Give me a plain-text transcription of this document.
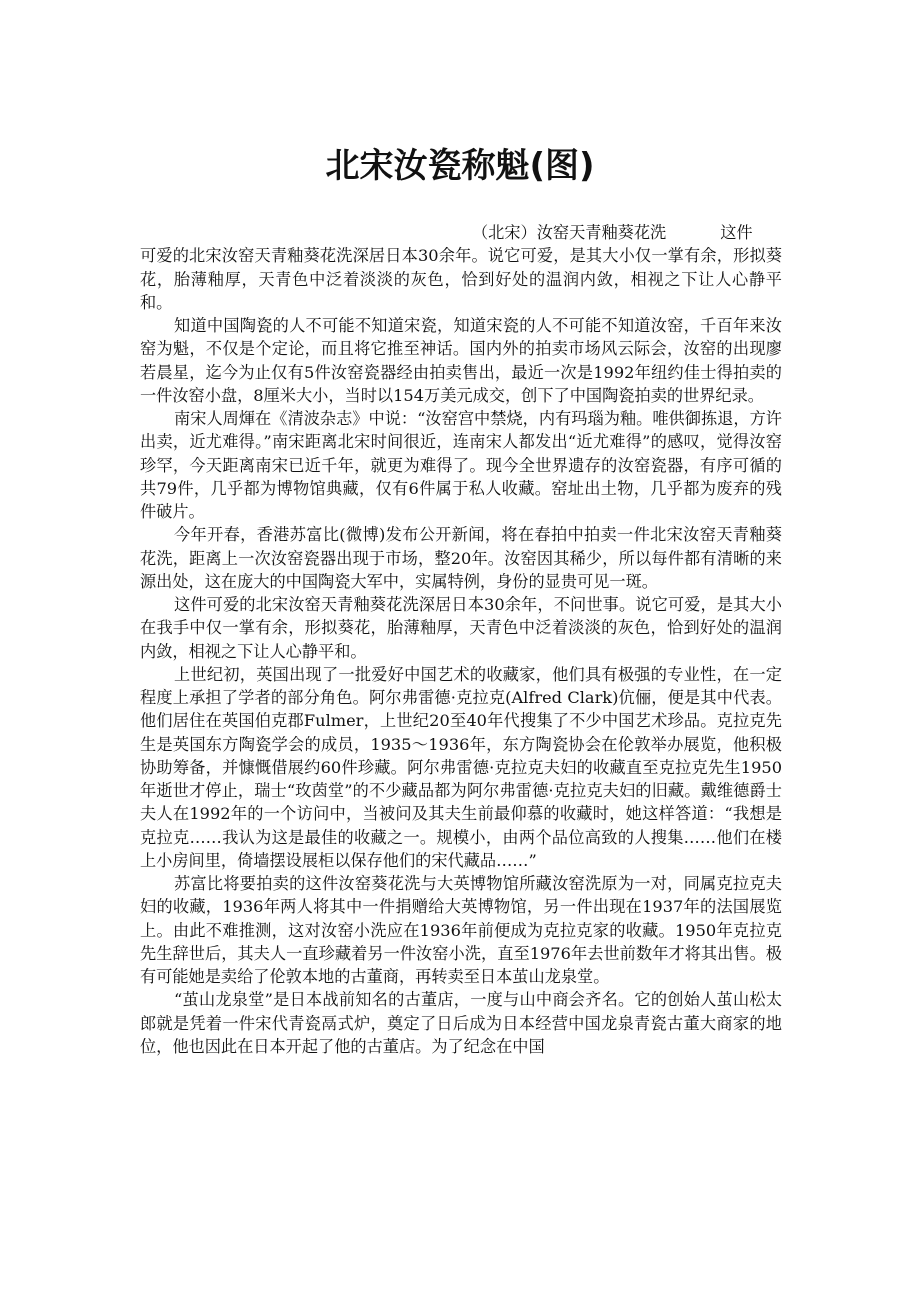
北宋汝瓷称魁(图)

（北宋）汝窑天青釉葵花洗	这件
可爱的北宋汝窑天青釉葵花洗深居日本30余年。说它可爱，是其大小仅一掌有余，形拟葵花，胎薄釉厚，天青色中泛着淡淡的灰色，恰到好处的温润内敛，相视之下让人心静平和。

知道中国陶瓷的人不可能不知道宋瓷，知道宋瓷的人不可能不知道汝窑，千百年来汝窑为魁，不仅是个定论，而且将它推至神话。国内外的拍卖市场风云际会，汝窑的出现廖若晨星，迄今为止仅有5件汝窑瓷器经由拍卖售出，最近一次是1992年纽约佳士得拍卖的一件汝窑小盘，8厘米大小，当时以154万美元成交，创下了中国陶瓷拍卖的世界纪录。

南宋人周煇在《清波杂志》中说：“汝窑宫中禁烧，内有玛瑙为釉。唯供御拣退，方许出卖，近尤难得。”南宋距离北宋时间很近，连南宋人都发出“近尤难得”的感叹，觉得汝窑珍罕，今天距离南宋已近千年，就更为难得了。现今全世界遗存的汝窑瓷器，有序可循的共79件，几乎都为博物馆典藏，仅有6件属于私人收藏。窑址出土物，几乎都为废弃的残件破片。

今年开春，香港苏富比(微博)发布公开新闻，将在春拍中拍卖一件北宋汝窑天青釉葵花洗，距离上一次汝窑瓷器出现于市场，整20年。汝窑因其稀少，所以每件都有清晰的来源出处，这在庞大的中国陶瓷大军中，实属特例，身份的显贵可见一斑。

这件可爱的北宋汝窑天青釉葵花洗深居日本30余年，不问世事。说它可爱，是其大小在我手中仅一掌有余，形拟葵花，胎薄釉厚，天青色中泛着淡淡的灰色，恰到好处的温润内敛，相视之下让人心静平和。

上世纪初，英国出现了一批爱好中国艺术的收藏家，他们具有极强的专业性，在一定程度上承担了学者的部分角色。阿尔弗雷德·克拉克(Alfred Clark)伉俪，便是其中代表。他们居住在英国伯克郡Fulmer，上世纪20至40年代搜集了不少中国艺术珍品。克拉克先生是英国东方陶瓷学会的成员，1935～1936年，东方陶瓷协会在伦敦举办展览，他积极协助筹备，并慷慨借展约60件珍藏。阿尔弗雷德·克拉克夫妇的收藏直至克拉克先生1950年逝世才停止，瑞士“玫茵堂”的不少藏品都为阿尔弗雷德·克拉克夫妇的旧藏。戴维德爵士夫人在1992年的一个访问中，当被问及其夫生前最仰慕的收藏时，她这样答道：“我想是克拉克……我认为这是最佳的收藏之一。规模小，由两个品位高致的人搜集……他们在楼上小房间里，倚墙摆设展柜以保存他们的宋代藏品……”

苏富比将要拍卖的这件汝窑葵花洗与大英博物馆所藏汝窑洗原为一对，同属克拉克夫妇的收藏，1936年两人将其中一件捐赠给大英博物馆，另一件出现在1937年的法国展览上。由此不难推测，这对汝窑小洗应在1936年前便成为克拉克家的收藏。1950年克拉克先生辞世后，其夫人一直珍藏着另一件汝窑小洗，直至1976年去世前数年才将其出售。极有可能她是卖给了伦敦本地的古董商，再转卖至日本茧山龙泉堂。

“茧山龙泉堂”是日本战前知名的古董店，一度与山中商会齐名。它的创始人茧山松太郎就是凭着一件宋代青瓷鬲式炉，奠定了日后成为日本经营中国龙泉青瓷古董大商家的地位，他也因此在日本开起了他的古董店。为了纪念在中国
